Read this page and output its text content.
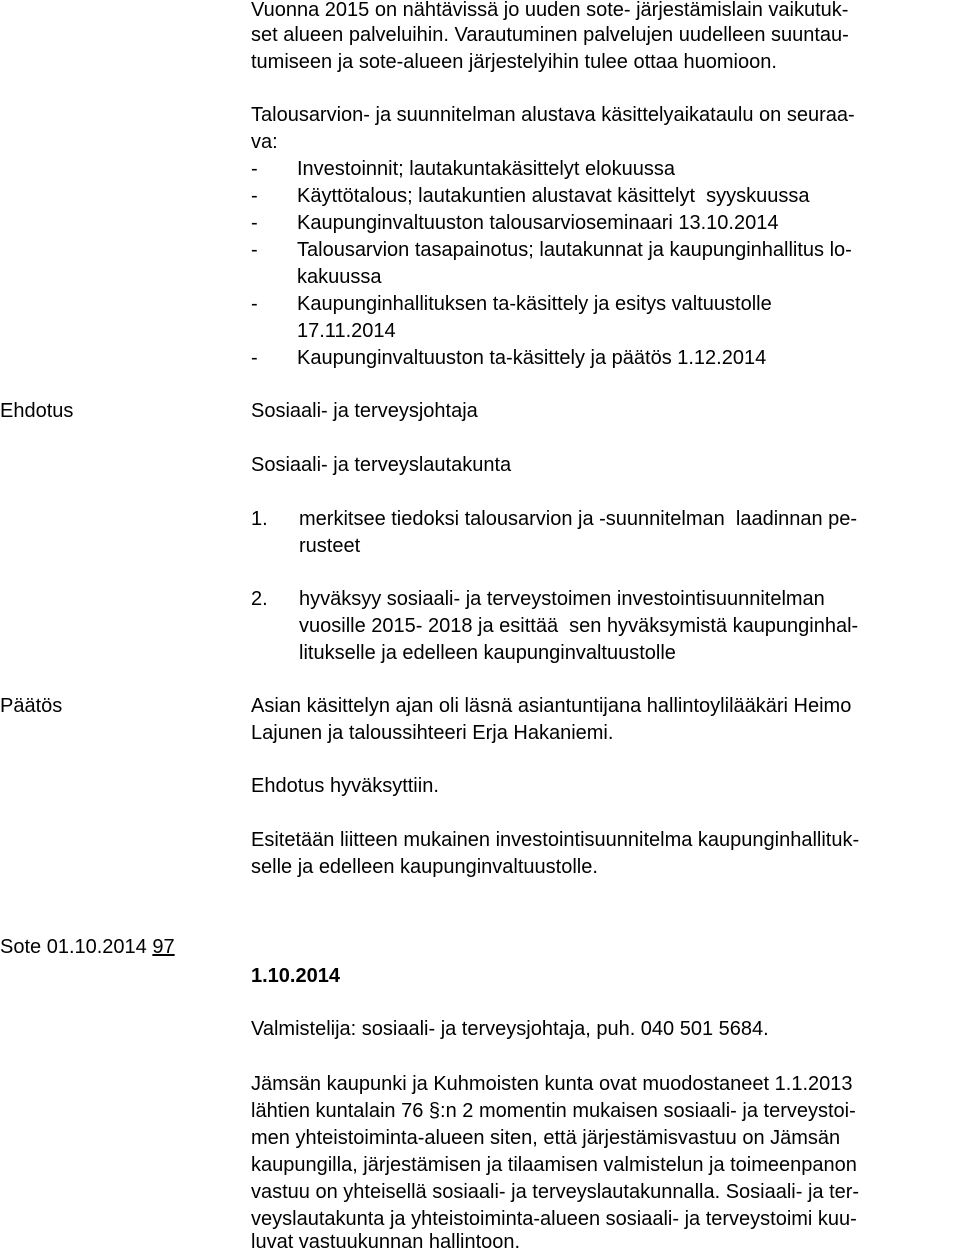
Vuonna 2015 on nähtävissä jo uuden sote- järjestämislain vaikutuk-
set alueen palveluihin. Varautuminen palvelujen uudelleen suuntau-
tumiseen ja sote-alueen järjestelyihin tulee ottaa huomioon.
Talousarvion- ja suunnitelman alustava käsittelyaikataulu on seuraa-
va:
- Investoinnit; lautakuntakäsittelyt elokuussa
- Käyttötalous; lautakuntien alustavat käsittelyt  syyskuussa
- Kaupunginvaltuuston talousarvioseminaari 13.10.2014
- Talousarvion tasapainotus; lautakunnat ja kaupunginhallitus lo-
kakuussa
- Kaupunginhallituksen ta-käsittely ja esitys valtuustolle
17.11.2014
- Kaupunginvaltuuston ta-käsittely ja päätös 1.12.2014
Ehdotus	Sosiaali- ja terveysjohtaja
Sosiaali- ja terveyslautakunta
1. merkitsee tiedoksi talousarvion ja -suunnitelman  laadinnan pe-
rusteet
2. hyväksyy sosiaali- ja terveystoimen investointisuunnitelman
vuosille 2015- 2018 ja esittää  sen hyväksymistä kaupunginhal-
litukselle ja edelleen kaupunginvaltuustolle
Päätös	Asian käsittelyn ajan oli läsnä asiantuntijana hallintoylilääkäri Heimo
Lajunen ja taloussihteeri Erja Hakaniemi.
Ehdotus hyväksyttiin.
Esitetään liitteen mukainen investointisuunnitelma kaupunginhallituk-
selle ja edelleen kaupunginvaltuustolle.
Sote 01.10.2014 97
1.10.2014
Valmistelija: sosiaali- ja terveysjohtaja, puh. 040 501 5684.
Jämsän kaupunki ja Kuhmoisten kunta ovat muodostaneet 1.1.2013
lähtien kuntalain 76 §:n 2 momentin mukaisen sosiaali- ja terveystoi-
men yhteistoiminta-alueen siten, että järjestämisvastuu on Jämsän
kaupungilla, järjestämisen ja tilaamisen valmistelun ja toimeenpanon
vastuu on yhteisellä sosiaali- ja terveyslautakunnalla. Sosiaali- ja ter-
veyslautakunta ja yhteistoiminta-alueen sosiaali- ja terveystoimi kuu-
luvat vastuukunnan hallintoon.
